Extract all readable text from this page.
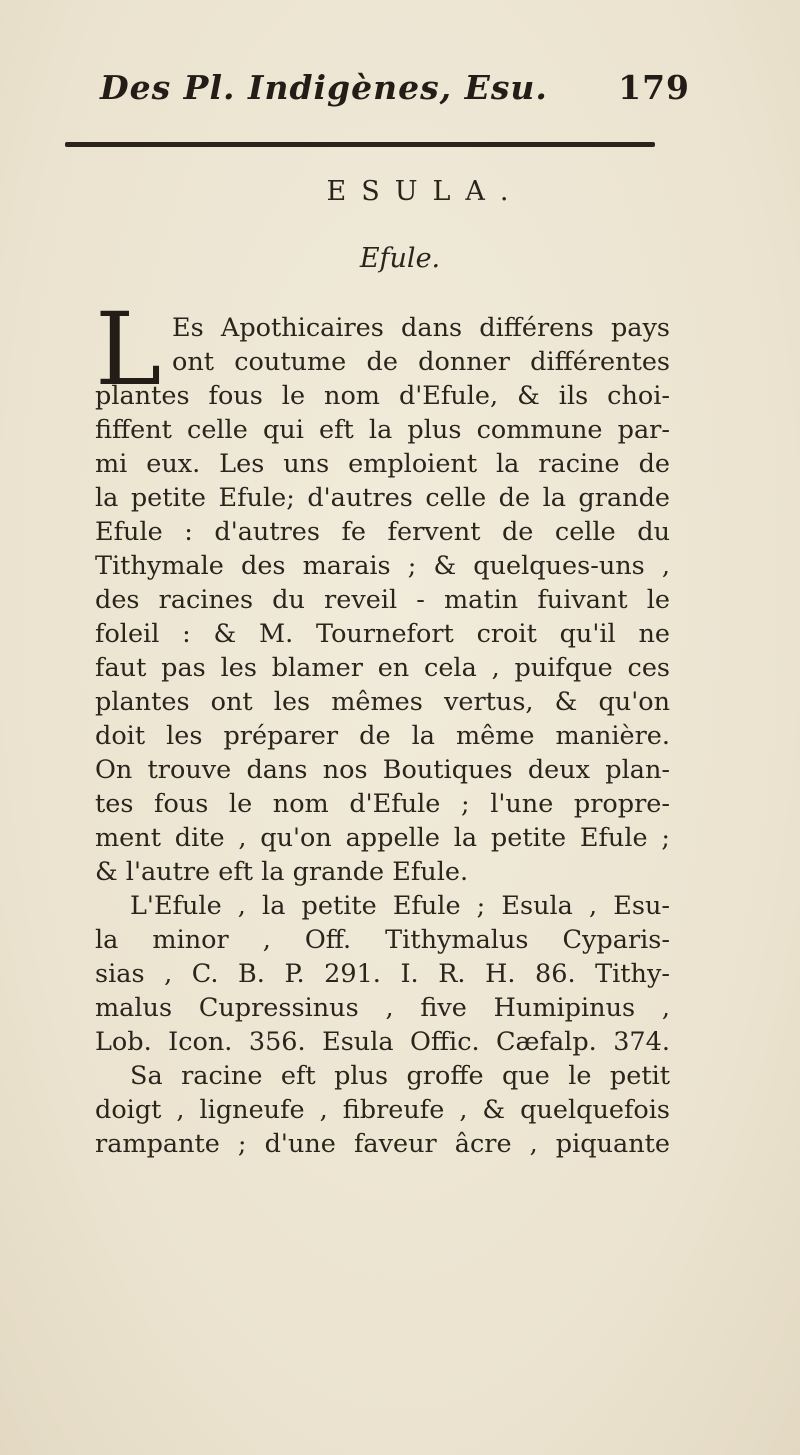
Des Pl. Indigènes, Esu. 179
ESULA.
Efule.
L Es Apothicaires dans différens pays
ont coutume de donner différentes
plantes fous le nom d'Efule, & ils choi-
fiffent celle qui eft la plus commune par-
mi eux. Les uns emploient la racine de
la petite Efule; d'autres celle de la grande
Efule : d'autres fe fervent de celle du
Tithymale des marais ; & quelques-uns ,
des racines du reveil - matin fuivant le
foleil : & M. Tournefort croit qu'il ne
faut pas les blamer en cela , puifque ces
plantes ont les mêmes vertus, & qu'on
doit les préparer de la même manière.
On trouve dans nos Boutiques deux plan-
tes fous le nom d'Efule ; l'une propre-
ment dite , qu'on appelle la petite Efule ;
& l'autre eft la grande Efule.
L'Efule , la petite Efule ; Esula , Esu-
la minor , Off. Tithymalus Cyparis-
sias , C. B. P. 291. I. R. H. 86. Tithy-
malus Cupressinus , five Humipinus ,
Lob. Icon. 356. Esula Offic. Cæfalp. 374.
Sa racine eft plus groffe que le petit
doigt , ligneufe , fibreufe , & quelquefois
rampante ; d'une faveur âcre , piquante
